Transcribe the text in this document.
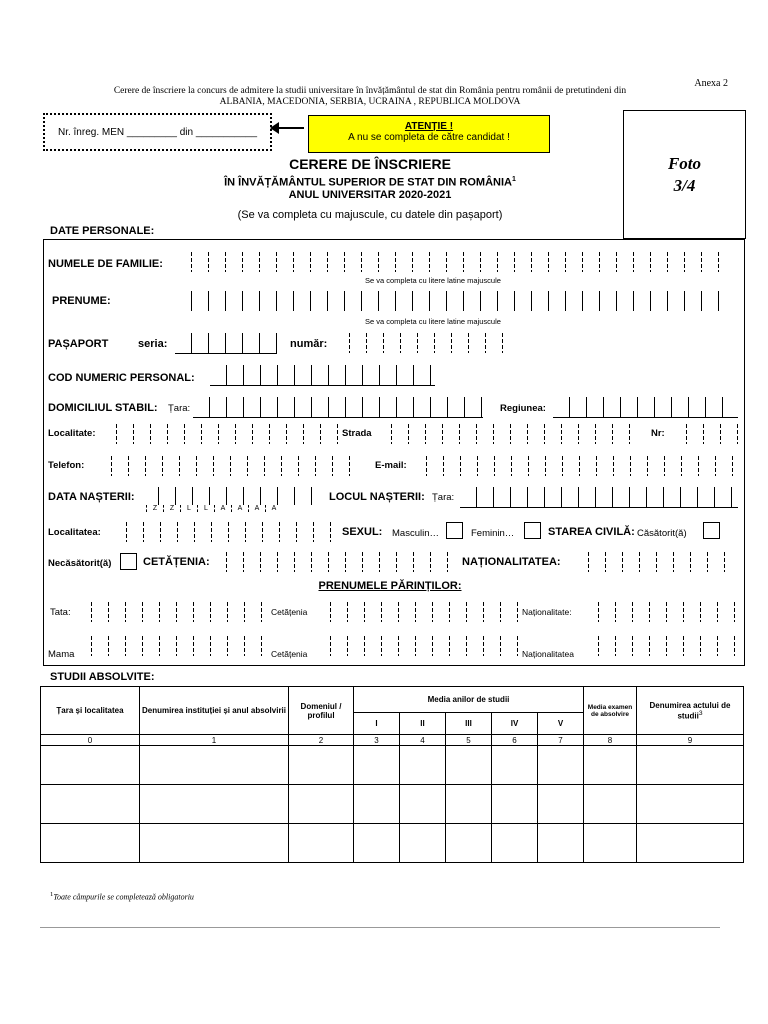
Anexa 2
Cerere de înscriere la concurs de admitere la studii universitare în învățământul de stat din România pentru românii de pretutindeni din
ALBANIA, MACEDONIA, SERBIA, UCRAINA , REPUBLICA MOLDOVA
Nr. înreg. MEN _________ din ___________	ATENȚIE !
A nu se completa de către candidat !
Foto
3/4
CERERE DE ÎNSCRIERE
ÎN ÎNVĂȚĂMÂNTUL SUPERIOR DE STAT DIN ROMÂNIA$^1$
ANUL UNIVERSITAR 2020-2021
(Se va completa cu majuscule, cu datele din pașaport)
DATE PERSONALE:
NUMELE DE FAMILIE:
Se va completa cu litere latine majuscule
PRENUME:
Se va completa cu litere latine majuscule
PAȘAPORT	seria:	număr:
COD NUMERIC PERSONAL:
DOMICILIUL STABIL: Țara:	Regiunea:
Localitate:	Strada	Nr:
Telefon:	E-mail:
DATA NAȘTERII:
Z	Z	L	L	A	A	A	A
LOCUL NAȘTERII: Țara:
Localitatea:	SEXUL: Masculin…	Feminin…	STAREA CIVILĂ: Căsătorit(ă)
Necăsătorit(ă)	CETĂȚENIA:	NAȚIONALITATEA:
PRENUMELE PĂRINȚILOR:
Tata:	Cetățenia	Naționalitate:
Mama	Cetățenia	Naționalitatea
STUDII ABSOLVITE:
Țara și localitatea	Denumirea instituției și anul absolvirii	Domeniul / profilul	Media anilor de studii					Media examen de absolvire	Denumirea actului de studii$^3$
			I	II	III	IV	V		
0	1	2	3	4	5	6	7	8	9

$^1$Toate câmpurile se completează obligatoriu
